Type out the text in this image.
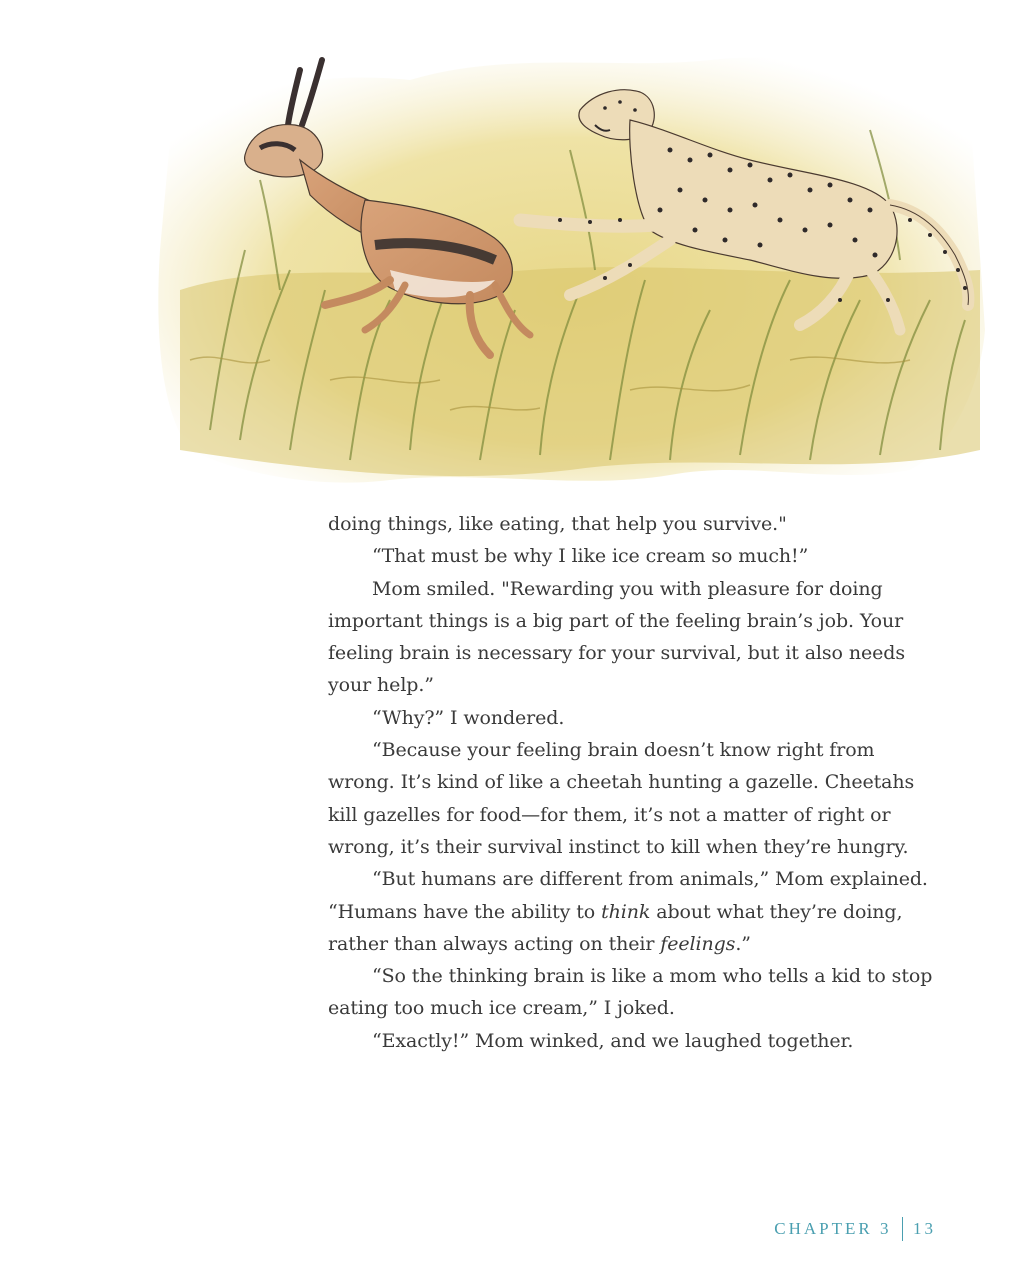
doing things, like eating, that help you survive."

“That must be why I like ice cream so much!”

Mom smiled. "Rewarding you with pleasure for doing important things is a big part of the feeling brain’s job. Your feeling brain is necessary for your survival, but it also needs your help.”

“Why?” I wondered.

“Because your feeling brain doesn’t know right from wrong. It’s kind of like a cheetah hunting a gazelle. Cheetahs kill gazelles for food—for them, it’s not a matter of right or wrong, it’s their survival instinct to kill when they’re hungry.

“But humans are different from animals,” Mom explained. “Humans have the ability to think about what they’re doing, rather than always acting on their feelings.”

“So the thinking brain is like a mom who tells a kid to stop eating too much ice cream,” I joked.

“Exactly!” Mom winked, and we laughed together.

CHAPTER 3 13
